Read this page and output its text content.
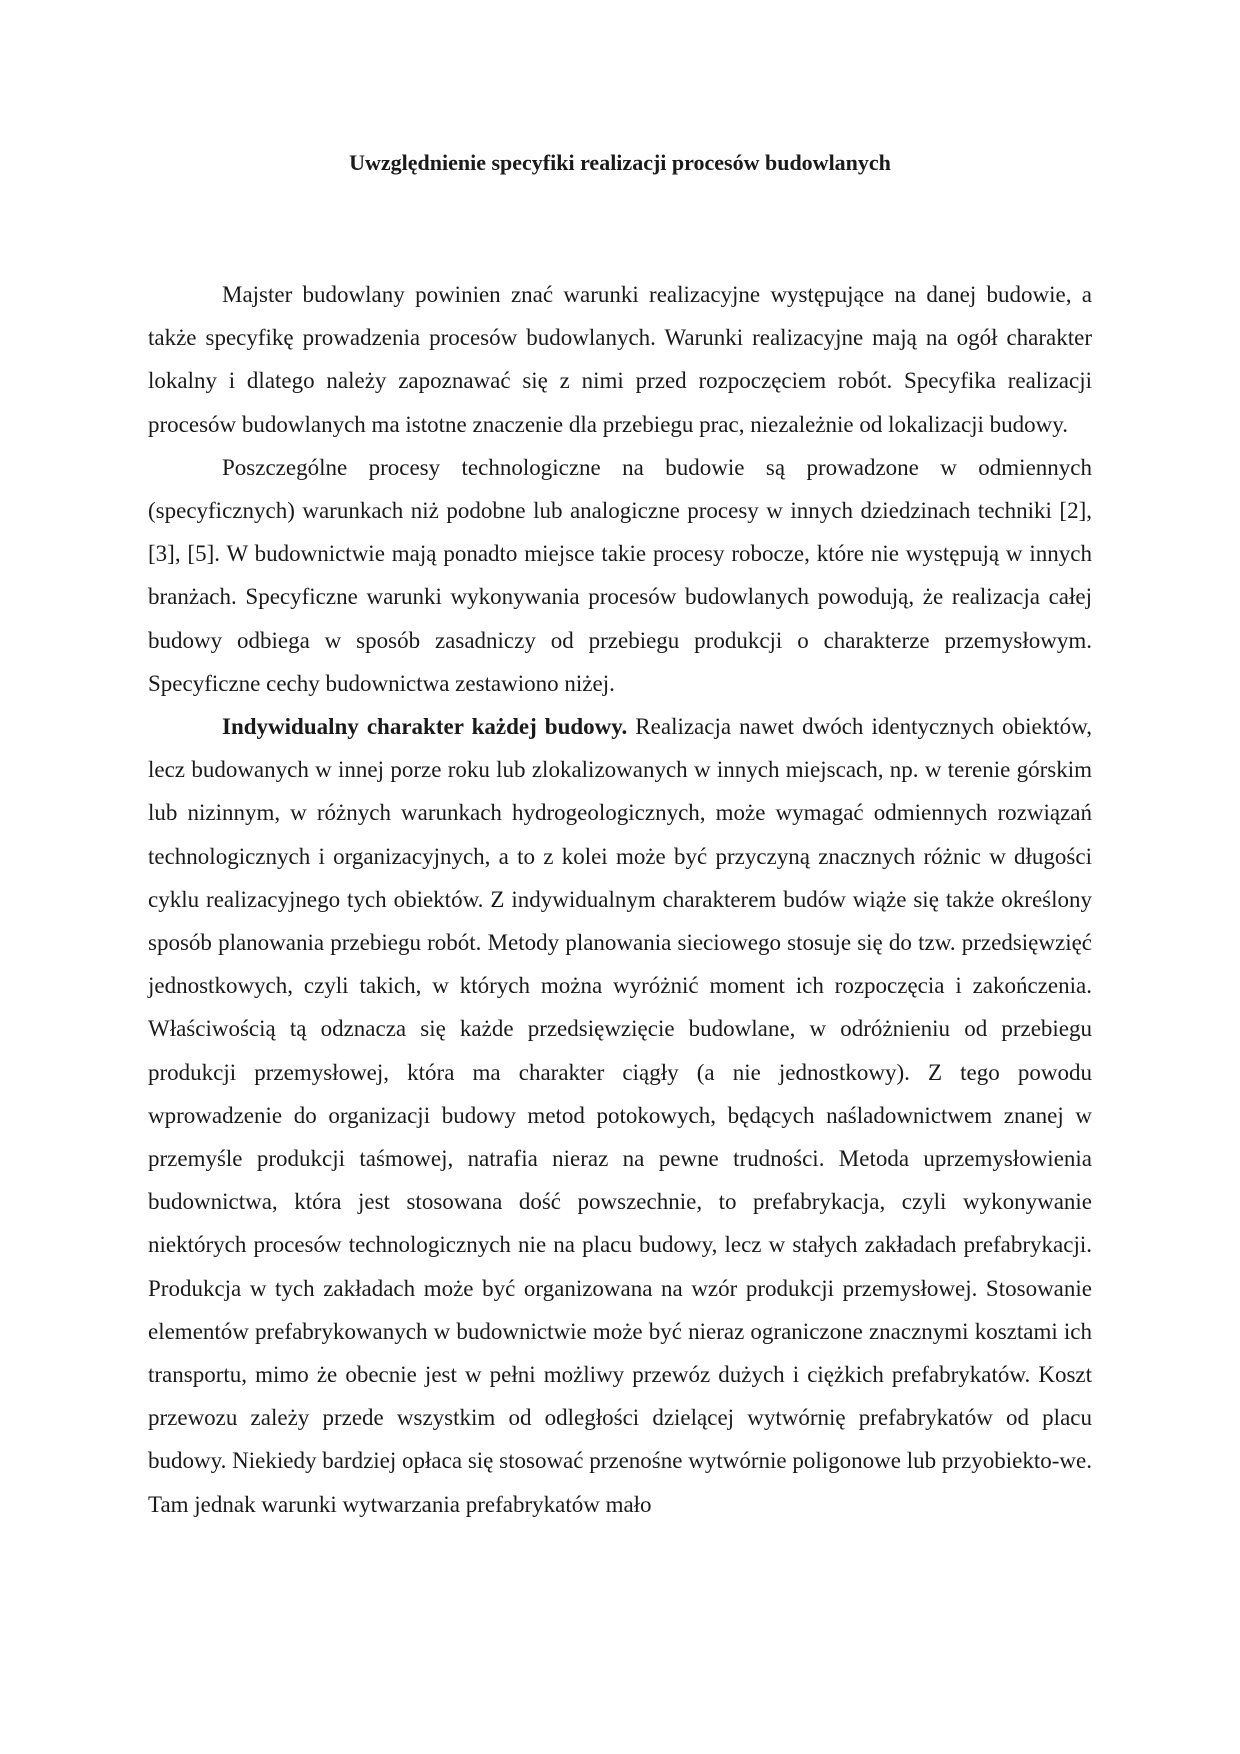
Uwzględnienie specyfiki realizacji procesów budowlanych

Majster budowlany powinien znać warunki realizacyjne występujące na danej budowie, a także specyfikę prowadzenia procesów budowlanych. Warunki realizacyjne mają na ogół charakter lokalny i dlatego należy zapoznawać się z nimi przed rozpoczęciem robót. Specyfika realizacji procesów budowlanych ma istotne znaczenie dla przebiegu prac, niezależnie od lokalizacji budowy.

Poszczególne procesy technologiczne na budowie są prowadzone w odmiennych (specyficznych) warunkach niż podobne lub analogiczne procesy w innych dziedzinach techniki [2], [3], [5]. W budownictwie mają ponadto miejsce takie procesy robocze, które nie występują w innych branżach. Specyficzne warunki wykonywania procesów budowlanych powodują, że realizacja całej budowy odbiega w sposób zasadniczy od przebiegu produkcji o charakterze przemysłowym. Specyficzne cechy budownictwa zestawiono niżej.

Indywidualny charakter każdej budowy. Realizacja nawet dwóch identycznych obiektów, lecz budowanych w innej porze roku lub zlokalizowanych w innych miejscach, np. w terenie górskim lub nizinnym, w różnych warunkach hydrogeologicznych, może wymagać odmiennych rozwiązań technologicznych i organizacyjnych, a to z kolei może być przyczyną znacznych różnic w długości cyklu realizacyjnego tych obiektów. Z indywidualnym charakterem budów wiąże się także określony sposób planowania przebiegu robót. Metody planowania sieciowego stosuje się do tzw. przedsięwzięć jednostkowych, czyli takich, w których można wyróżnić moment ich rozpoczęcia i zakończenia. Właściwością tą odznacza się każde przedsięwzięcie budowlane, w odróżnieniu od przebiegu produkcji przemysłowej, która ma charakter ciągły (a nie jednostkowy). Z tego powodu wprowadzenie do organizacji budowy metod potokowych, będących naśladownictwem znanej w przemyśle produkcji taśmowej, natrafia nieraz na pewne trudności. Metoda uprzemysłowienia budownictwa, która jest stosowana dość powszechnie, to prefabrykacja, czyli wykonywanie niektórych procesów technologicznych nie na placu budowy, lecz w stałych zakładach prefabrykacji. Produkcja w tych zakładach może być organizowana na wzór produkcji przemysłowej. Stosowanie elementów prefabrykowanych w budownictwie może być nieraz ograniczone znacznymi kosztami ich transportu, mimo że obecnie jest w pełni możliwy przewóz dużych i ciężkich prefabrykatów. Koszt przewozu zależy przede wszystkim od odległości dzielącej wytwórnię prefabrykatów od placu budowy. Niekiedy bardziej opłaca się stosować przenośne wytwórnie poligonowe lub przyobiekto-we. Tam jednak warunki wytwarzania prefabrykatów mało
